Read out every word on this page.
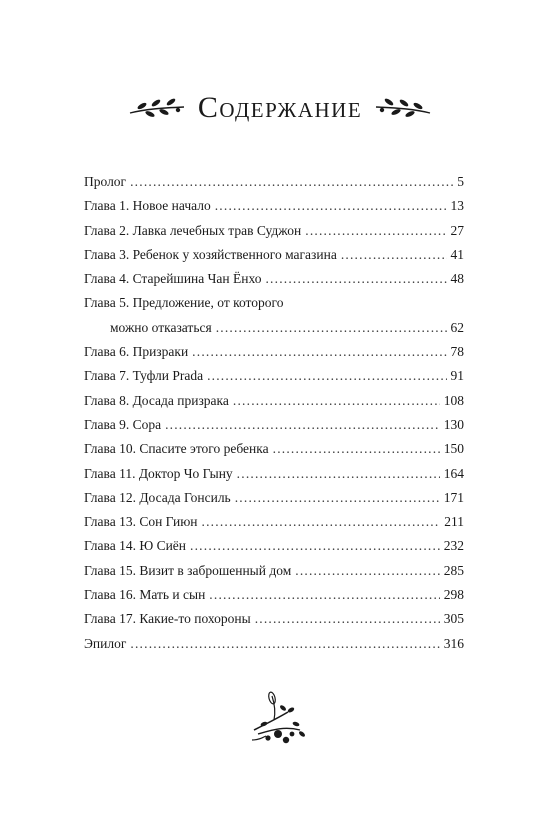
Содержание
Пролог .....	5
Глава 1. Новое начало .....	13
Глава 2. Лавка лечебных трав Суджон .....	27
Глава 3. Ребенок у хозяйственного магазина .....	41
Глава 4. Старейшина Чан Ёнхо .....	48
Глава 5. Предложение, от которого
можно отказаться .....	62
Глава 6. Призраки .....	78
Глава 7. Туфли Prada .....	91
Глава 8. Досада призрака .....	108
Глава 9. Сора .....	130
Глава 10. Спасите этого ребенка .....	150
Глава 11. Доктор Чо Гыну .....	164
Глава 12. Досада Гонсиль .....	171
Глава 13. Сон Гиюн .....	211
Глава 14. Ю Сиён .....	232
Глава 15. Визит в заброшенный дом .....	285
Глава 16. Мать и сын .....	298
Глава 17. Какие-то похороны .....	305
Эпилог .....	316
